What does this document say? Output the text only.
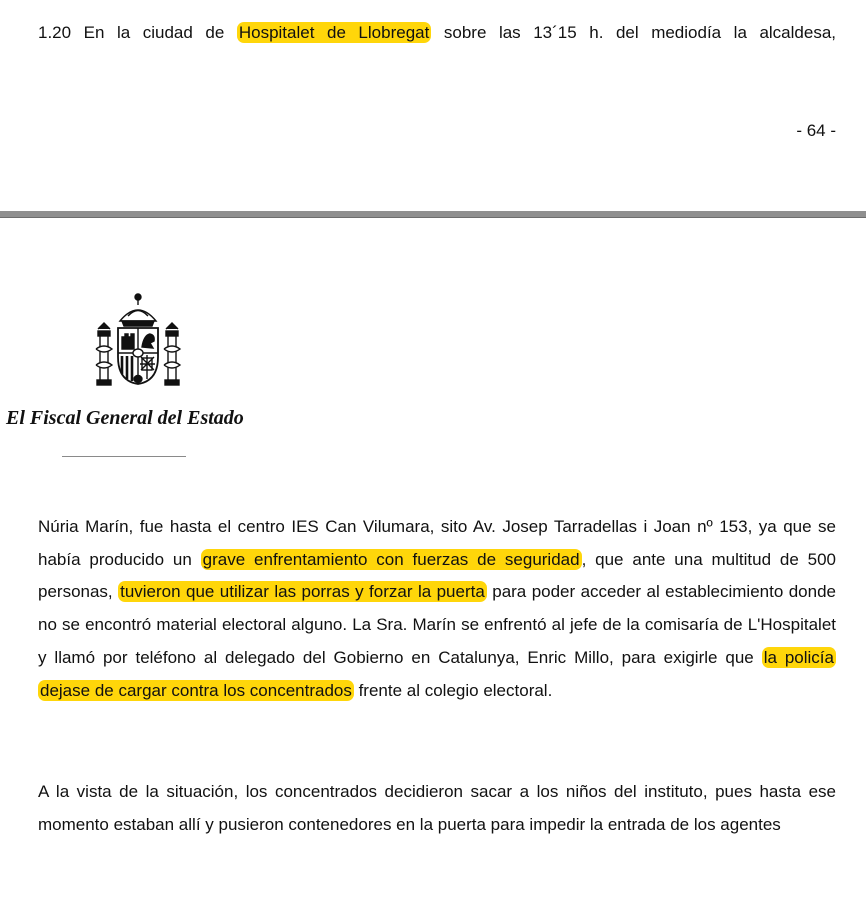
1.20 En la ciudad de Hospitalet de Llobregat sobre las 13´15 h. del mediodía la alcaldesa,
- 64 -
El Fiscal General del Estado
Núria Marín, fue hasta el centro IES Can Vilumara, sito Av. Josep Tarradellas i Joan nº 153, ya que se había producido un grave enfrentamiento con fuerzas de seguridad , que ante una multitud de 500 personas, tuvieron que utilizar las porras y forzar la puerta para poder acceder al establecimiento donde no se encontró material electoral alguno. La Sra. Marín se enfrentó al jefe de la comisaría de L'Hospitalet y llamó por teléfono al delegado del Gobierno en Catalunya, Enric Millo, para exigirle que la policía dejase de cargar contra los concentrados frente al colegio electoral.
A la vista de la situación, los concentrados decidieron sacar a los niños del instituto, pues hasta ese momento estaban allí y pusieron contenedores en la puerta para impedir la entrada de los agentes
